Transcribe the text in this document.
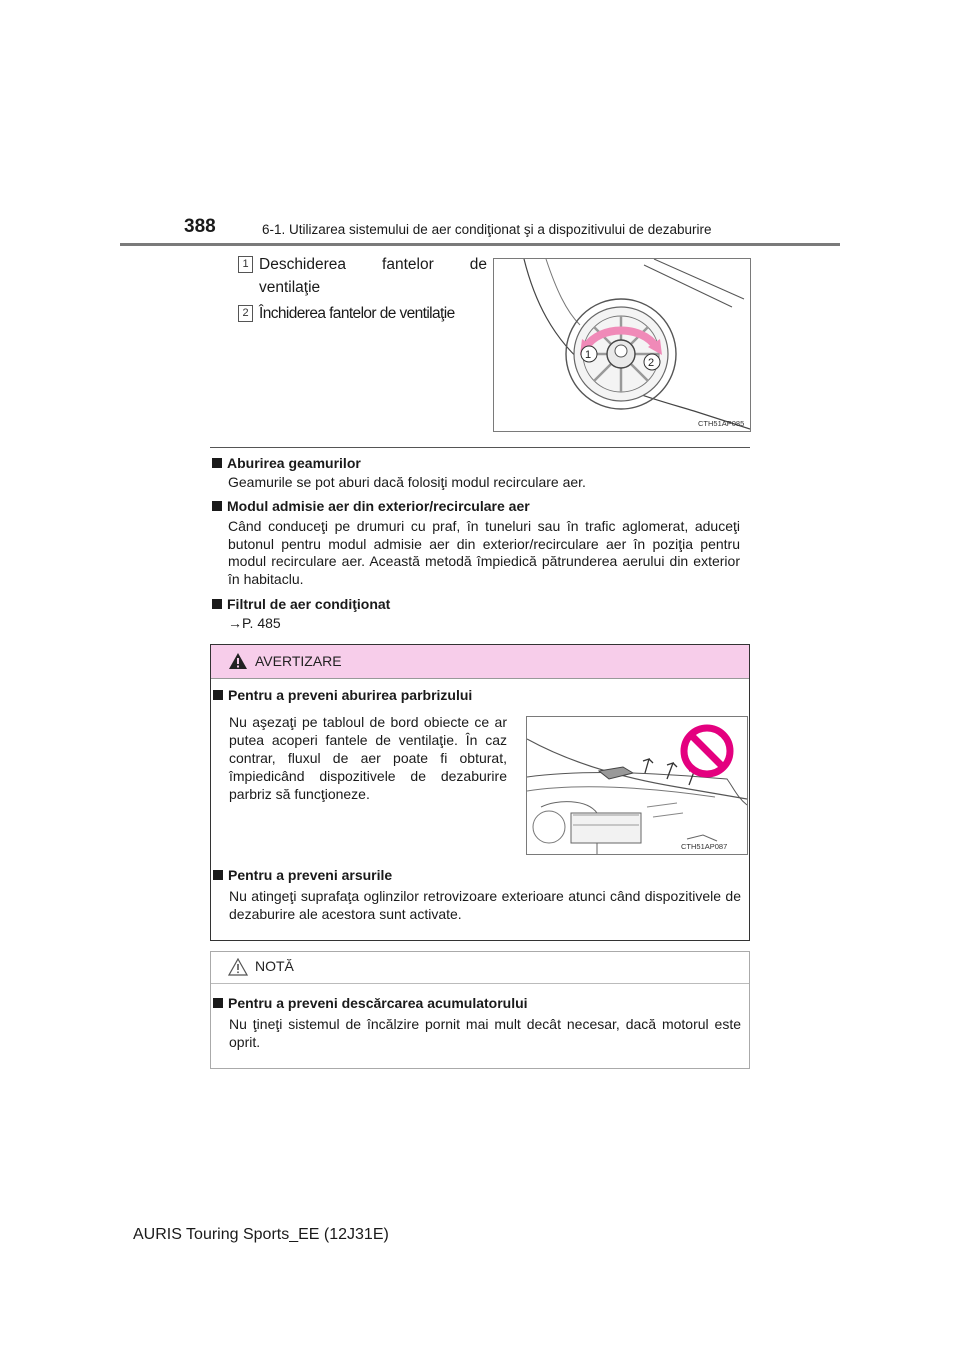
388	6-1. Utilizarea sistemului de aer condiţionat şi a dispozitivului de dezaburire
1 Deschiderea fantelor de ventilaţie
2 Închiderea fantelor de ventilaţie
1
2
CTH51AP085
Aburirea geamurilor
Geamurile se pot aburi dacă folosiţi modul recirculare aer.
Modul admisie aer din exterior/recirculare aer
Când conduceţi pe drumuri cu praf, în tuneluri sau în trafic aglomerat, aduceţi butonul pentru modul admisie aer din exterior/recirculare aer în poziţia pentru modul recirculare aer. Această metodă împiedică pătrunderea aerului din exterior în habitaclu.
Filtrul de aer condiţionat
→P. 485
AVERTIZARE
Pentru a preveni aburirea parbrizului
Nu aşezaţi pe tabloul de bord obiecte ce ar putea acoperi fantele de ventilaţie. În caz contrar, fluxul de aer poate fi obturat, împiedicând dispozitivele de dezaburire parbriz să funcţioneze.
CTH51AP087
Pentru a preveni arsurile
Nu atingeţi suprafaţa oglinzilor retrovizoare exterioare atunci când dispozitivele de dezaburire ale acestora sunt activate.
NOTĂ
Pentru a preveni descărcarea acumulatorului
Nu ţineţi sistemul de încălzire pornit mai mult decât necesar, dacă motorul este oprit.
AURIS Touring Sports_EE (12J31E)
